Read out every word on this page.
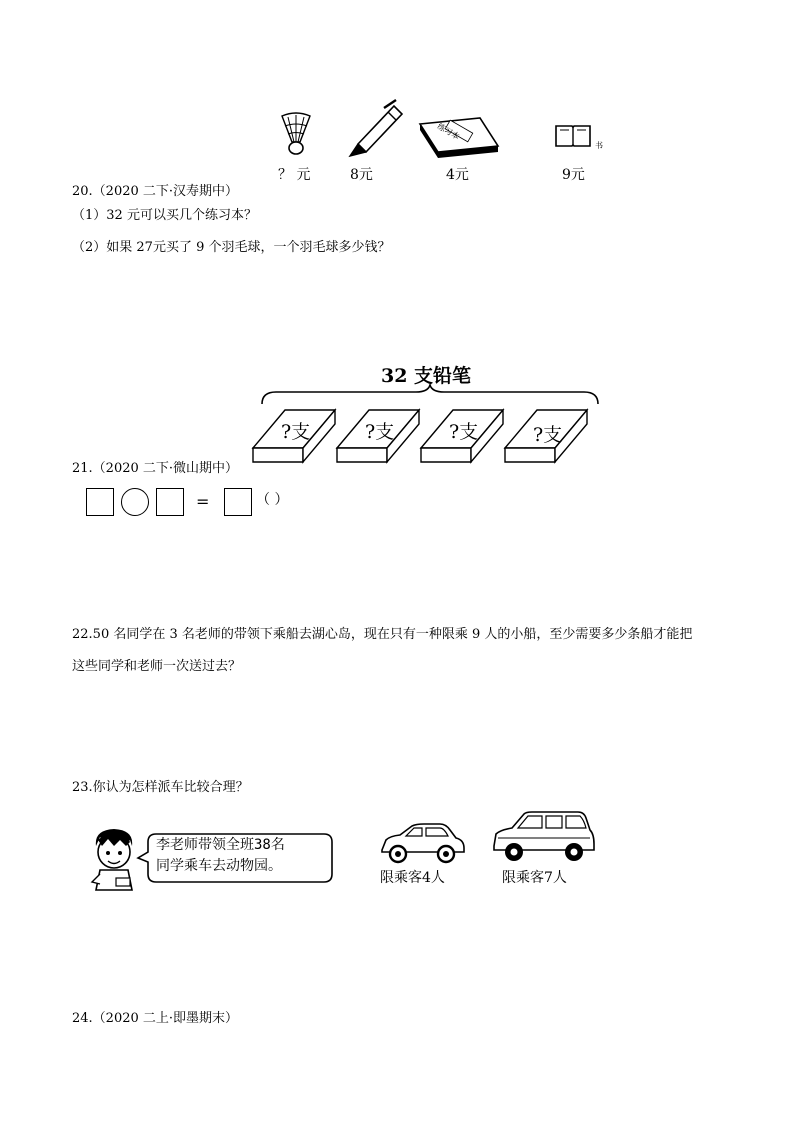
练习本
书
？ 元	8元	4元	9元
20.（2020 二下·汉寿期中）
（1）32 元可以买几个练习本？
（2）如果 27元买了 9 个羽毛球，一个羽毛球多少钱？
32 支铅笔
?支	?支	?支	?支
21.（2020 二下·微山期中）
=	（ ）
22.50 名同学在 3 名老师的带领下乘船去湖心岛，现在只有一种限乘 9 人的小船，至少需要多少条船才能把
这些同学和老师一次送过去？
23.你认为怎样派车比较合理？
李老师带领全班38名
同学乘车去动物园。
限乘客4人	限乘客7人
24.（2020 二上·即墨期末）
